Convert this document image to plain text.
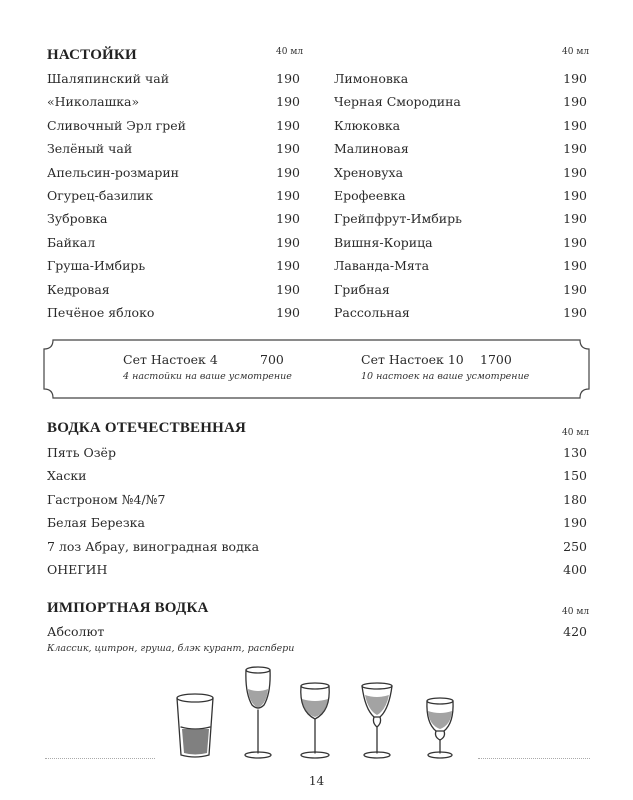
НАСТОЙКИ	40 мл	40 мл
Шаляпинский чай	190
«Николашка»	190
Сливочный Эрл грей	190
Зелёный чай	190
Апельсин-розмарин	190
Огурец-базилик	190
Зубровка	190
Байкал	190
Груша-Имбирь	190
Кедровая	190
Печёное яблоко	190
Лимоновка	190
Черная Смородина	190
Клюковка	190
Малиновая	190
Хреновуха	190
Ерофеевка	190
Грейпфрут-Имбирь	190
Вишня-Корица	190
Лаванда-Мята	190
Грибная	190
Рассольная	190
Сет Настоек 4	700
4 настойки на ваше усмотрение
Сет Настоек 10 1700
10 настоек на ваше усмотрение
ВОДКА ОТЕЧЕСТВЕННАЯ	40 мл
Пять Озёр	130
Хаски	150
Гастроном №4/№7	180
Белая Березка	190
7 лоз Абрау, виноградная водка	250
ОНЕГИН	400
ИМПОРТНАЯ ВОДКА	40 мл
Абсолют	420
Классик, цитрон, груша, блэк курант, распбери
14
